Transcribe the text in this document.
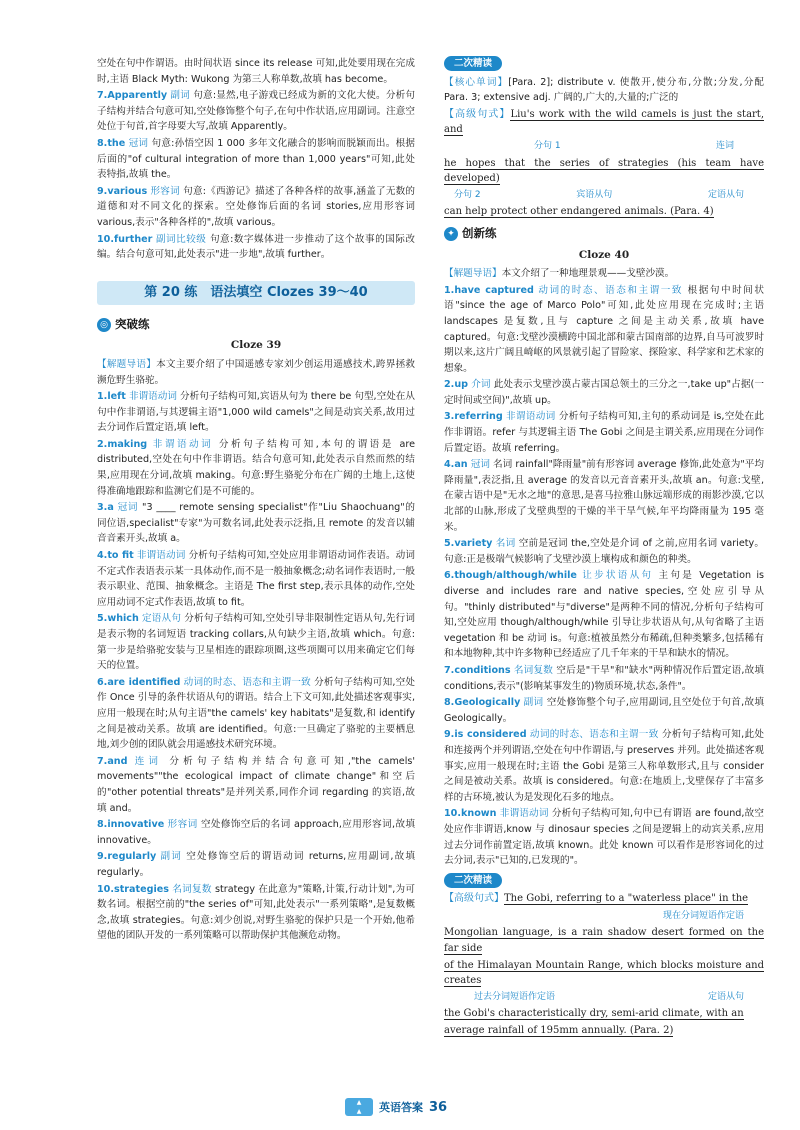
空处在句中作谓语。由时间状语 since its release 可知,此处要用现在完成时,主语 Black Myth: Wukong 为第三人称单数,故填 has become。

7.Apparently 副词 句意:显然,电子游戏已经成为新的文化大使。分析句子结构并结合句意可知,空处修饰整个句子,在句中作状语,应用副词。注意空处位于句首,首字母要大写,故填 Apparently。

8.the 冠词 句意:孙悟空因 1 000 多年文化融合的影响而脱颖而出。根据后面的"of cultural integration of more than 1,000 years"可知,此处表特指,故填 the。

9.various 形容词 句意:《西游记》描述了各种各样的故事,涵盖了无数的道德和对不同文化的探索。空处修饰后面的名词 stories,应用形容词 various,表示"各种各样的",故填 various。

10.further 副词比较级 句意:数字媒体进一步推动了这个故事的国际改编。结合句意可知,此处表示"进一步地",故填 further。

第 20 练　语法填空 Clozes 39～40
◎ 突破练
Cloze 39

【解题导语】本文主要介绍了中国遥感专家刘少创运用遥感技术,跨界拯救濒危野生骆驼。

1.left 非谓语动词 分析句子结构可知,宾语从句为 there be 句型,空处在从句中作非谓语,与其逻辑主语"1,000 wild camels"之间是动宾关系,故用过去分词作后置定语,填 left。

2.making 非谓语动词 分析句子结构可知,本句的谓语是 are distributed,空处在句中作非谓语。结合句意可知,此处表示自然而然的结果,应用现在分词,故填 making。句意:野生骆驼分布在广阔的土地上,这使得准确地跟踪和监测它们是不可能的。

3.a 冠词 "3 ____ remote sensing specialist"作"Liu Shaochuang"的同位语,specialist"专家"为可数名词,此处表示泛指,且 remote 的发音以辅音音素开头,故填 a。

4.to fit 非谓语动词 分析句子结构可知,空处应用非谓语动词作表语。动词不定式作表语表示某一具体动作,而不是一般抽象概念;动名词作表语时,一般表示职业、范围、抽象概念。主语是 The first step,表示具体的动作,空处应用动词不定式作表语,故填 to fit。

5.which 定语从句 分析句子结构可知,空处引导非限制性定语从句,先行词是表示物的名词短语 tracking collars,从句缺少主语,故填 which。句意:第一步是给骆驼安装与卫星相连的跟踪项圈,这些项圈可以用来确定它们每天的位置。

6.are identified 动词的时态、语态和主谓一致 分析句子结构可知,空处作 Once 引导的条件状语从句的谓语。结合上下文可知,此处描述客观事实,应用一般现在时;从句主语"the camels' key habitats"是复数,和 identify 之间是被动关系。故填 are identified。句意:一旦确定了骆驼的主要栖息地,刘少创的团队就会用遥感技术研究环境。

7.and 连词 分析句子结构并结合句意可知,"the camels' movements""the ecological impact of climate change"和空后的"other potential threats"是并列关系,同作介词 regarding 的宾语,故填 and。

8.innovative 形容词 空处修饰空后的名词 approach,应用形容词,故填 innovative。

9.regularly 副词 空处修饰空后的谓语动词 returns,应用副词,故填 regularly。

10.strategies 名词复数 strategy 在此意为"策略,计策,行动计划",为可数名词。根据空前的"the series of"可知,此处表示"一系列策略",是复数概念,故填 strategies。句意:刘少创说,对野生骆驼的保护只是一个开始,他希望他的团队开发的一系列策略可以帮助保护其他濒危动物。

二次精读

【核心单词】[Para. 2]; distribute v. 使散开,使分布,分散;分发,分配　Para. 3; extensive adj. 广阔的,广大的,大量的;广泛的

【高级句式】Liu's work with the wild camels is just the start, and

分句 1	连词

he hopes that the series of strategies (his team have developed)

分句 2	宾语从句	定语从句

can help protect other endangered animals. (Para. 4)

✦ 创新练
Cloze 40

【解题导语】本文介绍了一种地理景观——戈壁沙漠。

1.have captured 动词的时态、语态和主谓一致 根据句中时间状语"since the age of Marco Polo"可知,此处应用现在完成时;主语 landscapes 是复数,且与 capture 之间是主动关系,故填 have captured。句意:戈壁沙漠横跨中国北部和蒙古国南部的边界,自马可波罗时期以来,这片广阔且崎岖的风景就引起了冒险家、探险家、科学家和艺术家的想象。

2.up 介词 此处表示戈壁沙漠占蒙古国总领土的三分之一,take up"占据(一定时间或空间)",故填 up。

3.referring 非谓语动词 分析句子结构可知,主句的系动词是 is,空处在此作非谓语。refer 与其逻辑主语 The Gobi 之间是主谓关系,应用现在分词作后置定语。故填 referring。

4.an 冠词 名词 rainfall"降雨量"前有形容词 average 修饰,此处意为"平均降雨量",表泛指,且 average 的发音以元音音素开头,故填 an。句意:戈壁,在蒙古语中是"无水之地"的意思,是喜马拉雅山脉远端形成的雨影沙漠,它以北部的山脉,形成了戈壁典型的干燥的半干旱气候,年平均降雨量为 195 毫米。

5.variety 名词 空前是冠词 the,空处是介词 of 之前,应用名词 variety。句意:正是极端气候影响了戈壁沙漠上壤构成和颜色的种类。

6.though/although/while 让步状语从句 主句是 Vegetation is diverse and includes rare and native species,空处应引导从句。"thinly distributed"与"diverse"是两种不同的情况,分析句子结构可知,空处应用 though/although/while 引导让步状语从句,从句省略了主语 vegetation 和 be 动词 is。句意:植被虽然分布稀疏,但种类繁多,包括稀有和本地物种,其中许多物种已经适应了几千年来的干旱和缺水的情况。

7.conditions 名词复数 空后是"干旱"和"缺水"两种情况作后置定语,故填 conditions,表示"(影响某事发生的)物质环境,状态,条件"。

8.Geologically 副词 空处修饰整个句子,应用副词,且空处位于句首,故填 Geologically。

9.is considered 动词的时态、语态和主谓一致 分析句子结构可知,此处和连接两个并列谓语,空处在句中作谓语,与 preserves 并列。此处描述客观事实,应用一般现在时;主语 the Gobi 是第三人称单数形式,且与 consider 之间是被动关系。故填 is considered。句意:在地质上,戈壁保存了丰富多样的古环境,被认为是发现化石多的地点。

10.known 非谓语动词 分析句子结构可知,句中已有谓语 are found,故空处应作非谓语,know 与 dinosaur species 之间是逻辑上的动宾关系,应用过去分词作前置定语,故填 known。此处 known 可以看作是形容词化的过去分词,表示"已知的,已发现的"。

二次精读

【高级句式】The Gobi, referring to a "waterless place" in the

现在分词短语作定语

Mongolian language, is a rain shadow desert formed on the far side

of the Himalayan Mountain Range, which blocks moisture and creates

过去分词短语作定语	定语从句

the Gobi's characteristically dry, semi-arid climate, with an

average rainfall of 195mm annually. (Para. 2)

▲
▲	英语答案 36
